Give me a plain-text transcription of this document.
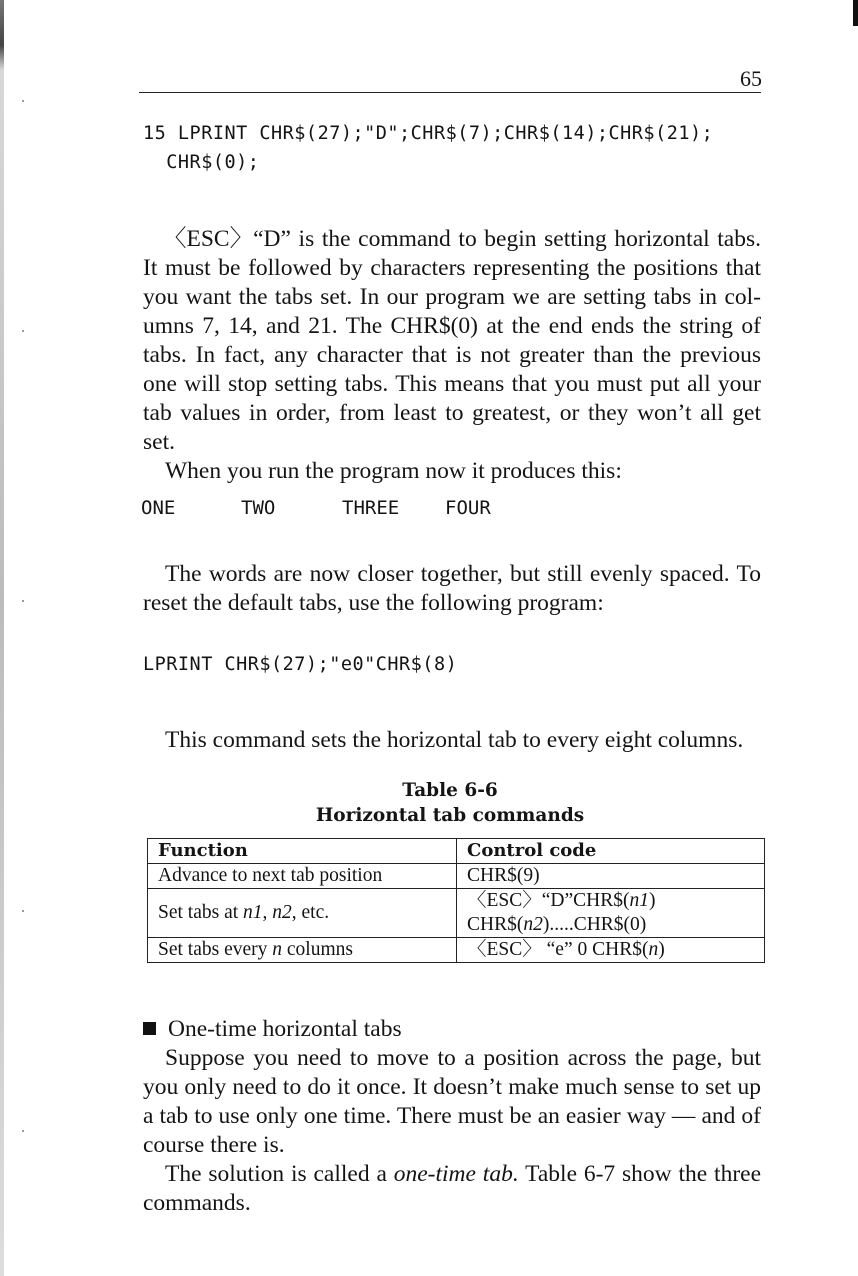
65
15 LPRINT CHR$(27);"D";CHR$(7);CHR$(14);CHR$(21);
CHR$(0);

〈ESC〉“D” is the command to begin setting horizontal tabs. It must be followed by characters representing the positions that you want the tabs set. In our program we are setting tabs in col-umns 7, 14, and 21. The CHR$(0) at the end ends the string of tabs. In fact, any character that is not greater than the previous one will stop setting tabs. This means that you must put all your tab values in order, from least to greatest, or they won’t all get set.

When you run the program now it produces this:

ONE	TWO	THREE FOUR

The words are now closer together, but still evenly spaced. To reset the default tabs, use the following program:

LPRINT CHR$(27);"e0"CHR$(8)

This command sets the horizontal tab to every eight columns.

Table 6-6
Horizontal tab commands
Function	Control code
Advance to next tab position	CHR$(9)
Set tabs at n1, n2, etc.	〈ESC〉“D”CHR$(n1)
CHR$(n2).....CHR$(0)
Set tabs every n columns	〈ESC〉 “e” 0 CHR$(n)
One-time horizontal tabs

Suppose you need to move to a position across the page, but you only need to do it once. It doesn’t make much sense to set up a tab to use only one time. There must be an easier way — and of course there is.

The solution is called a one-time tab. Table 6-7 show the three commands.
